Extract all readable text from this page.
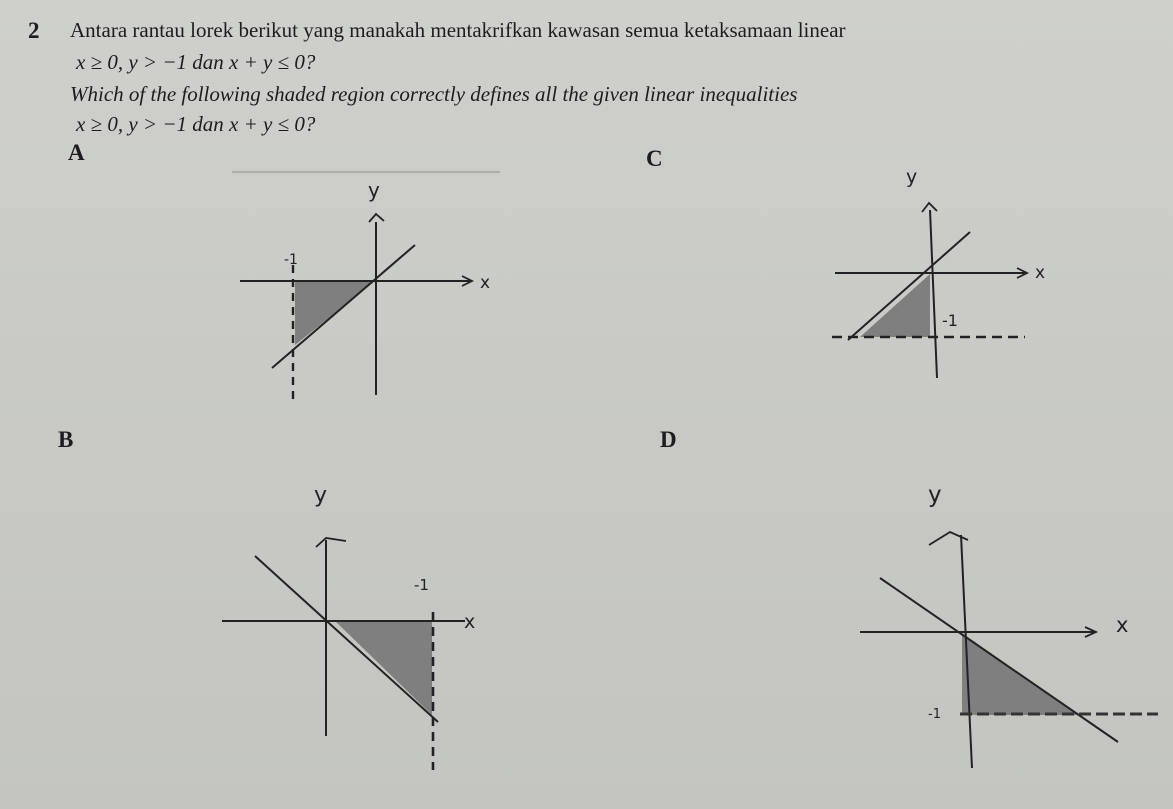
2 Antara rantau lorek berikut yang manakah mentakrifkan kawasan semua ketaksamaan linear
x ≥ 0, y > −1 dan x + y ≤ 0?
Which of the following shaded region correctly defines all the given linear inequalities
x ≥ 0, y > −1 dan x + y ≤ 0?
A	C
B	D
y
x
-1
y
x
-1
y
x
-1
y
x
-1
